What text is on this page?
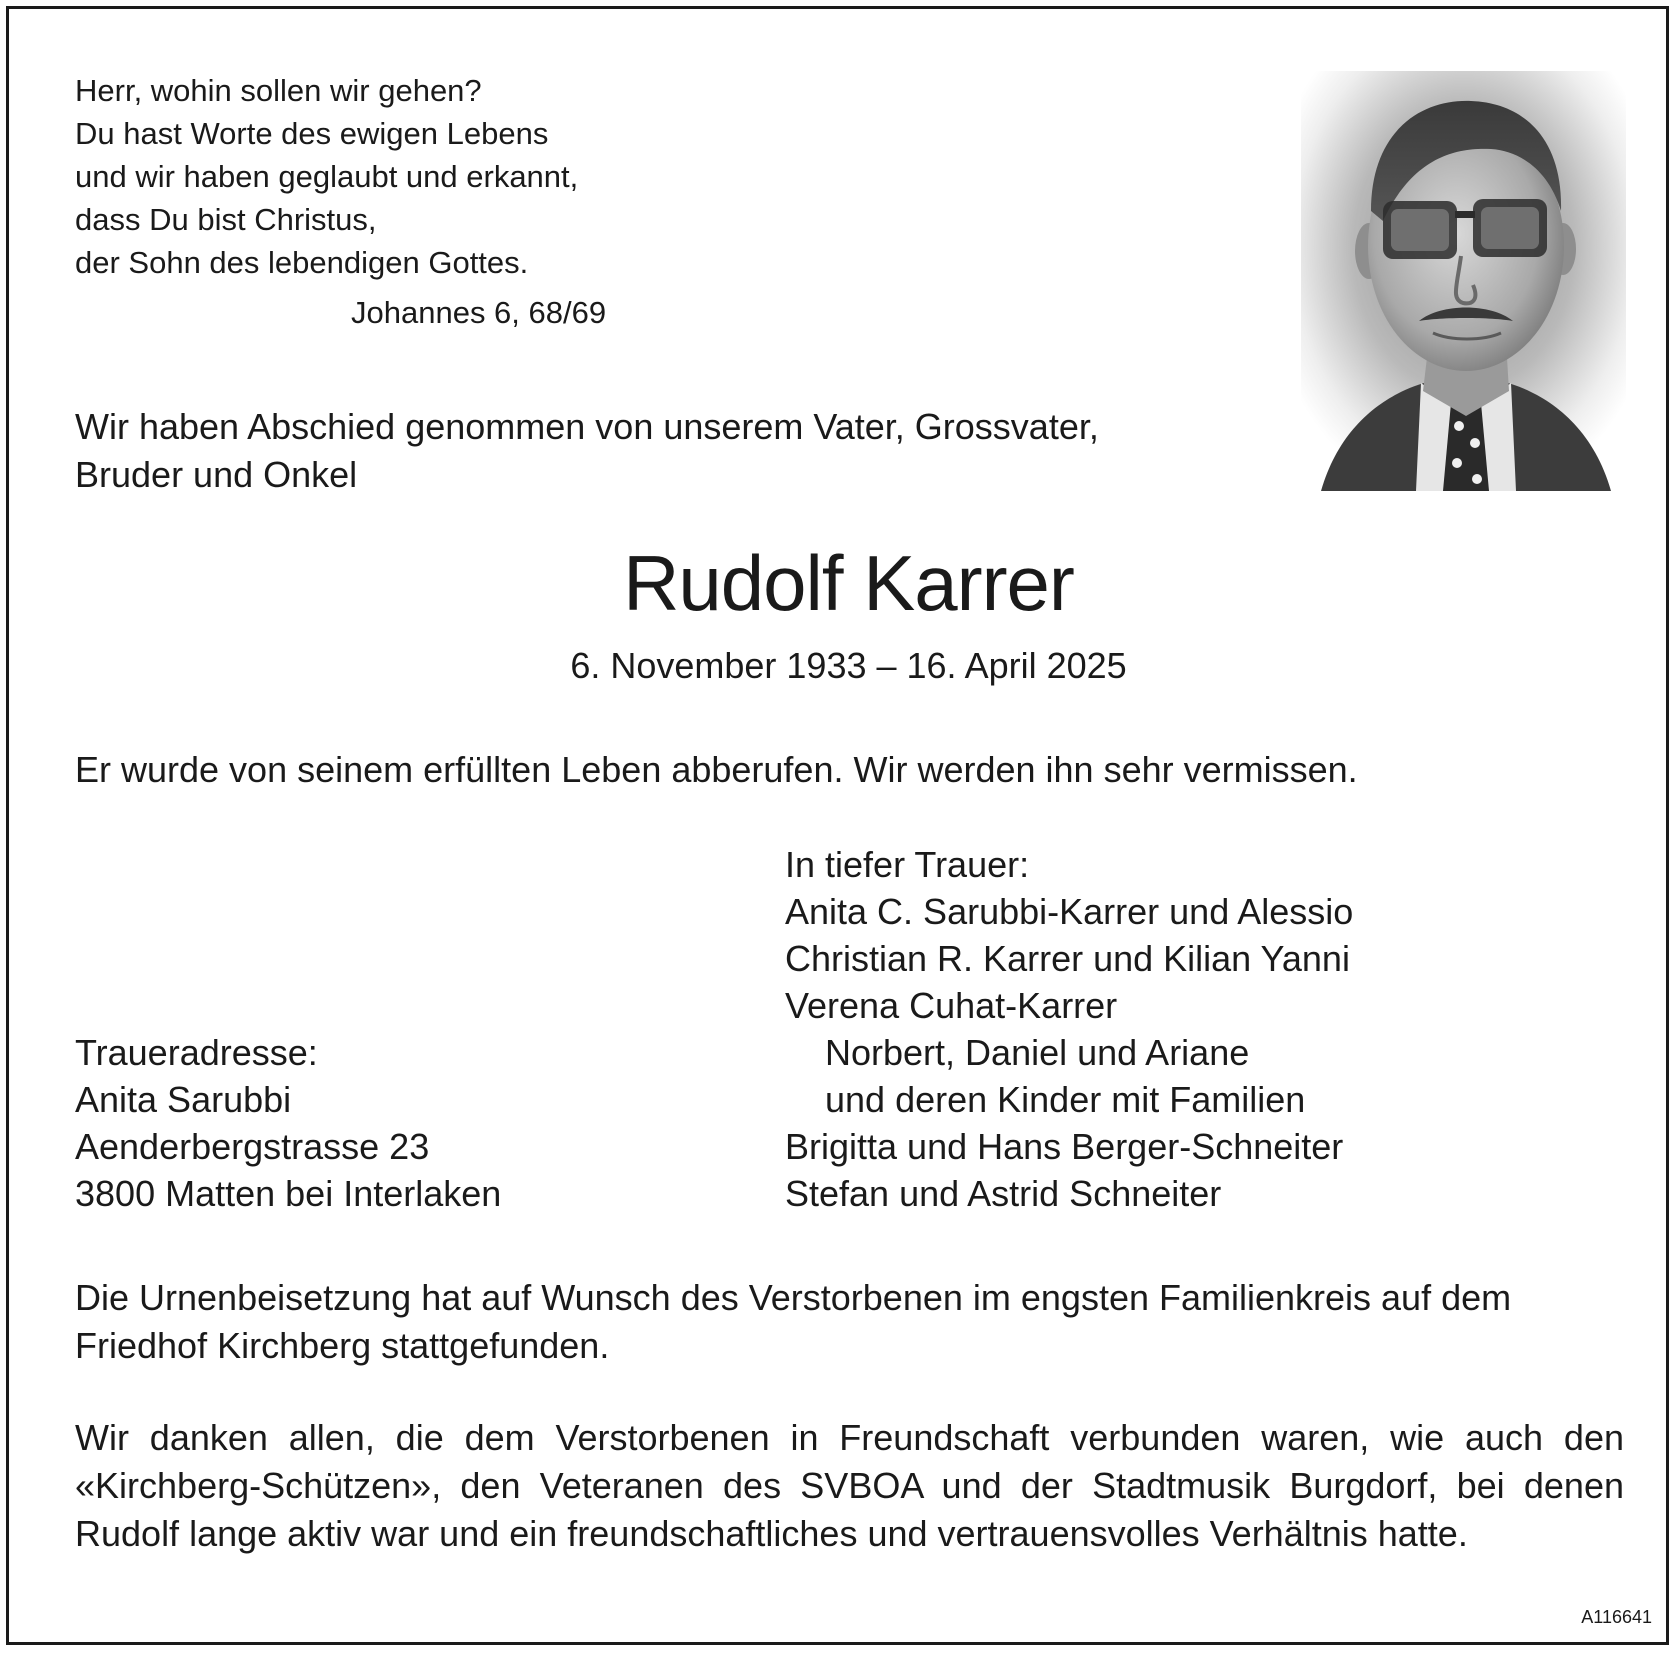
Herr, wohin sollen wir gehen?
Du hast Worte des ewigen Lebens
und wir haben geglaubt und erkannt,
dass Du bist Christus,
der Sohn des lebendigen Gottes.
Johannes 6, 68/69
Wir haben Abschied genommen von unserem Vater, Grossvater,
Bruder und Onkel
Rudolf Karrer
6. November 1933 – 16. April 2025
Er wurde von seinem erfüllten Leben abberufen. Wir werden ihn sehr vermissen.
In tiefer Trauer:
Anita C. Sarubbi-Karrer und Alessio
Christian R. Karrer und Kilian Yanni
Verena Cuhat-Karrer
Norbert, Daniel und Ariane
und deren Kinder mit Familien
Brigitta und Hans Berger-Schneiter
Stefan und Astrid Schneiter
Traueradresse:
Anita Sarubbi
Aenderbergstrasse 23
3800 Matten bei Interlaken
Die Urnenbeisetzung hat auf Wunsch des Verstorbenen im engsten Familienkreis auf dem Friedhof Kirchberg stattgefunden.
Wir danken allen, die dem Verstorbenen in Freundschaft verbunden waren, wie auch den «Kirchberg-Schützen», den Veteranen des SVBOA und der Stadtmusik Burgdorf, bei denen Rudolf lange aktiv war und ein freundschaftliches und vertrauensvolles Verhältnis hatte.
A116641
